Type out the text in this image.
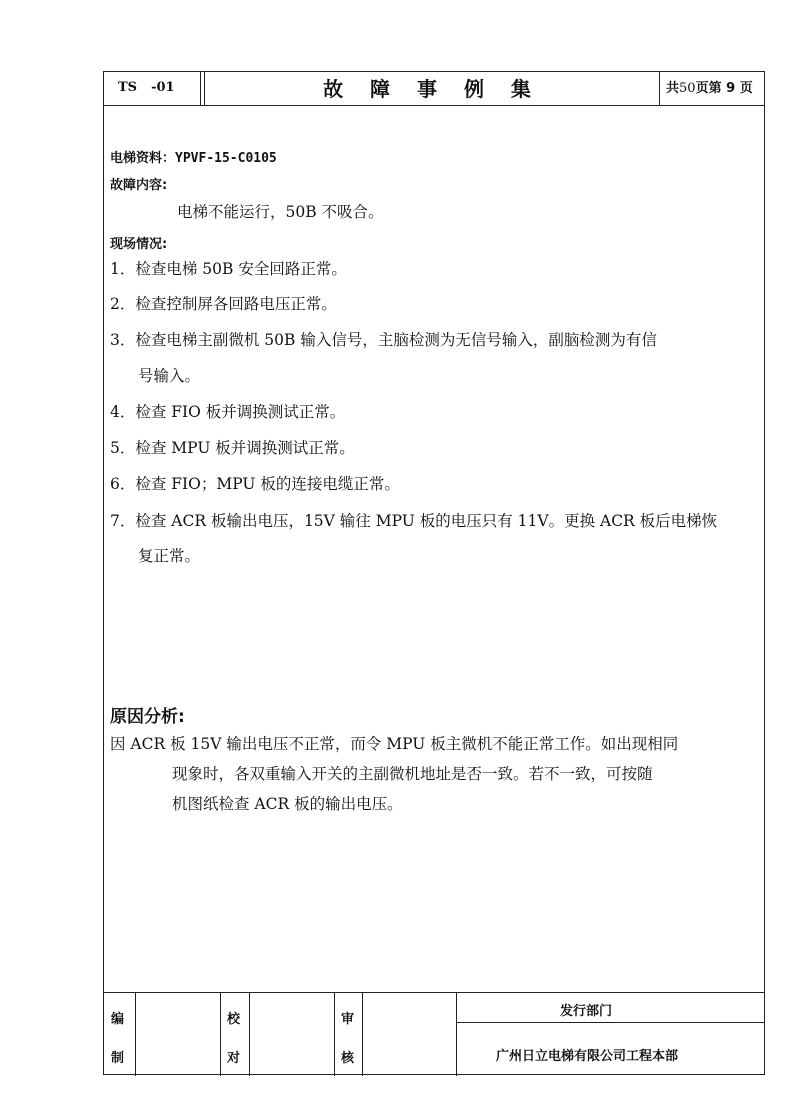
TS -01	故 障 事 例 集	共50页第 9 页
电梯资料：YPVF-15-C0105
故障内容:
电梯不能运行，50B 不吸合。
现场情况:
1．检查电梯 50B 安全回路正常。
2．检查控制屏各回路电压正常。
3．检查电梯主副微机 50B 输入信号，主脑检测为无信号输入，副脑检测为有信
号输入。
4．检查 FIO 板并调换测试正常。
5．检查 MPU 板并调换测试正常。
6．检查 FIO；MPU 板的连接电缆正常。
7．检查 ACR 板输出电压，15V 输往 MPU 板的电压只有 11V。更换 ACR 板后电梯恢
复正常。
原因分析:
因 ACR 板 15V 输出电压不正常，而令 MPU 板主微机不能正常工作。如出现相同
现象时，各双重输入开关的主副微机地址是否一致。若不一致，可按随
机图纸检查 ACR 板的输出电压。
编
制
校
对
审
核
发行部门
广州日立电梯有限公司工程本部
